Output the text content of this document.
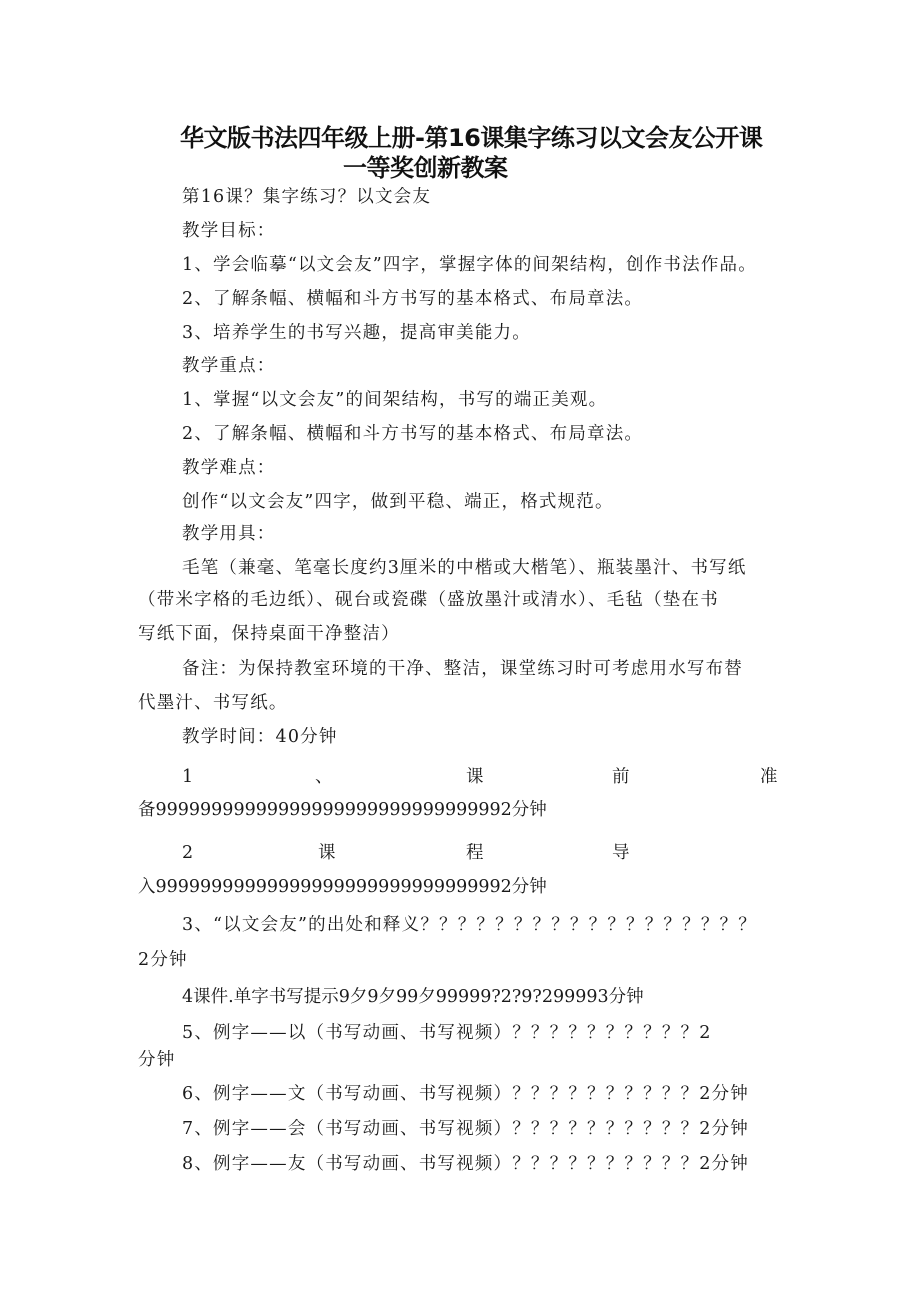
华文版书法四年级上册-第16课集字练习以文会友公开课
一等奖创新教案
第16课？集字练习？以文会友
教学目标：
1、学会临摹“以文会友”四字，掌握字体的间架结构，创作书法作品。
2、了解条幅、横幅和斗方书写的基本格式、布局章法。
3、培养学生的书写兴趣，提高审美能力。
教学重点：
1、掌握“以文会友”的间架结构，书写的端正美观。
2、了解条幅、横幅和斗方书写的基本格式、布局章法。
教学难点：
创作“以文会友”四字，做到平稳、端正，格式规范。
教学用具：
毛笔（兼毫、笔毫长度约3厘米的中楷或大楷笔）、瓶装墨汁、书写纸
（带米字格的毛边纸）、砚台或瓷碟（盛放墨汁或清水）、毛毡（垫在书
写纸下面，保持桌面干净整洁）
备注：为保持教室环境的干净、整洁，课堂练习时可考虑用水写布替
代墨汁、书写纸。
教学时间：40分钟
1	、	课	前	准
备99999999999999999999999999999992分钟
2	课	程	导
入99999999999999999999999999999992分钟
3、“以文会友”的出处和释义？？？？？？？？？？？？？？？？？？
2分钟
4课件.单字书写提示9夕9夕99夕99999?2?9?299993分钟
5、例字——以（书写动画、书写视频）？？？？？？？？？？2
分钟
6、例字——文（书写动画、书写视频）？？？？？？？？？？2分钟
7、例字——会（书写动画、书写视频）？？？？？？？？？？2分钟
8、例字——友（书写动画、书写视频）？？？？？？？？？？2分钟
